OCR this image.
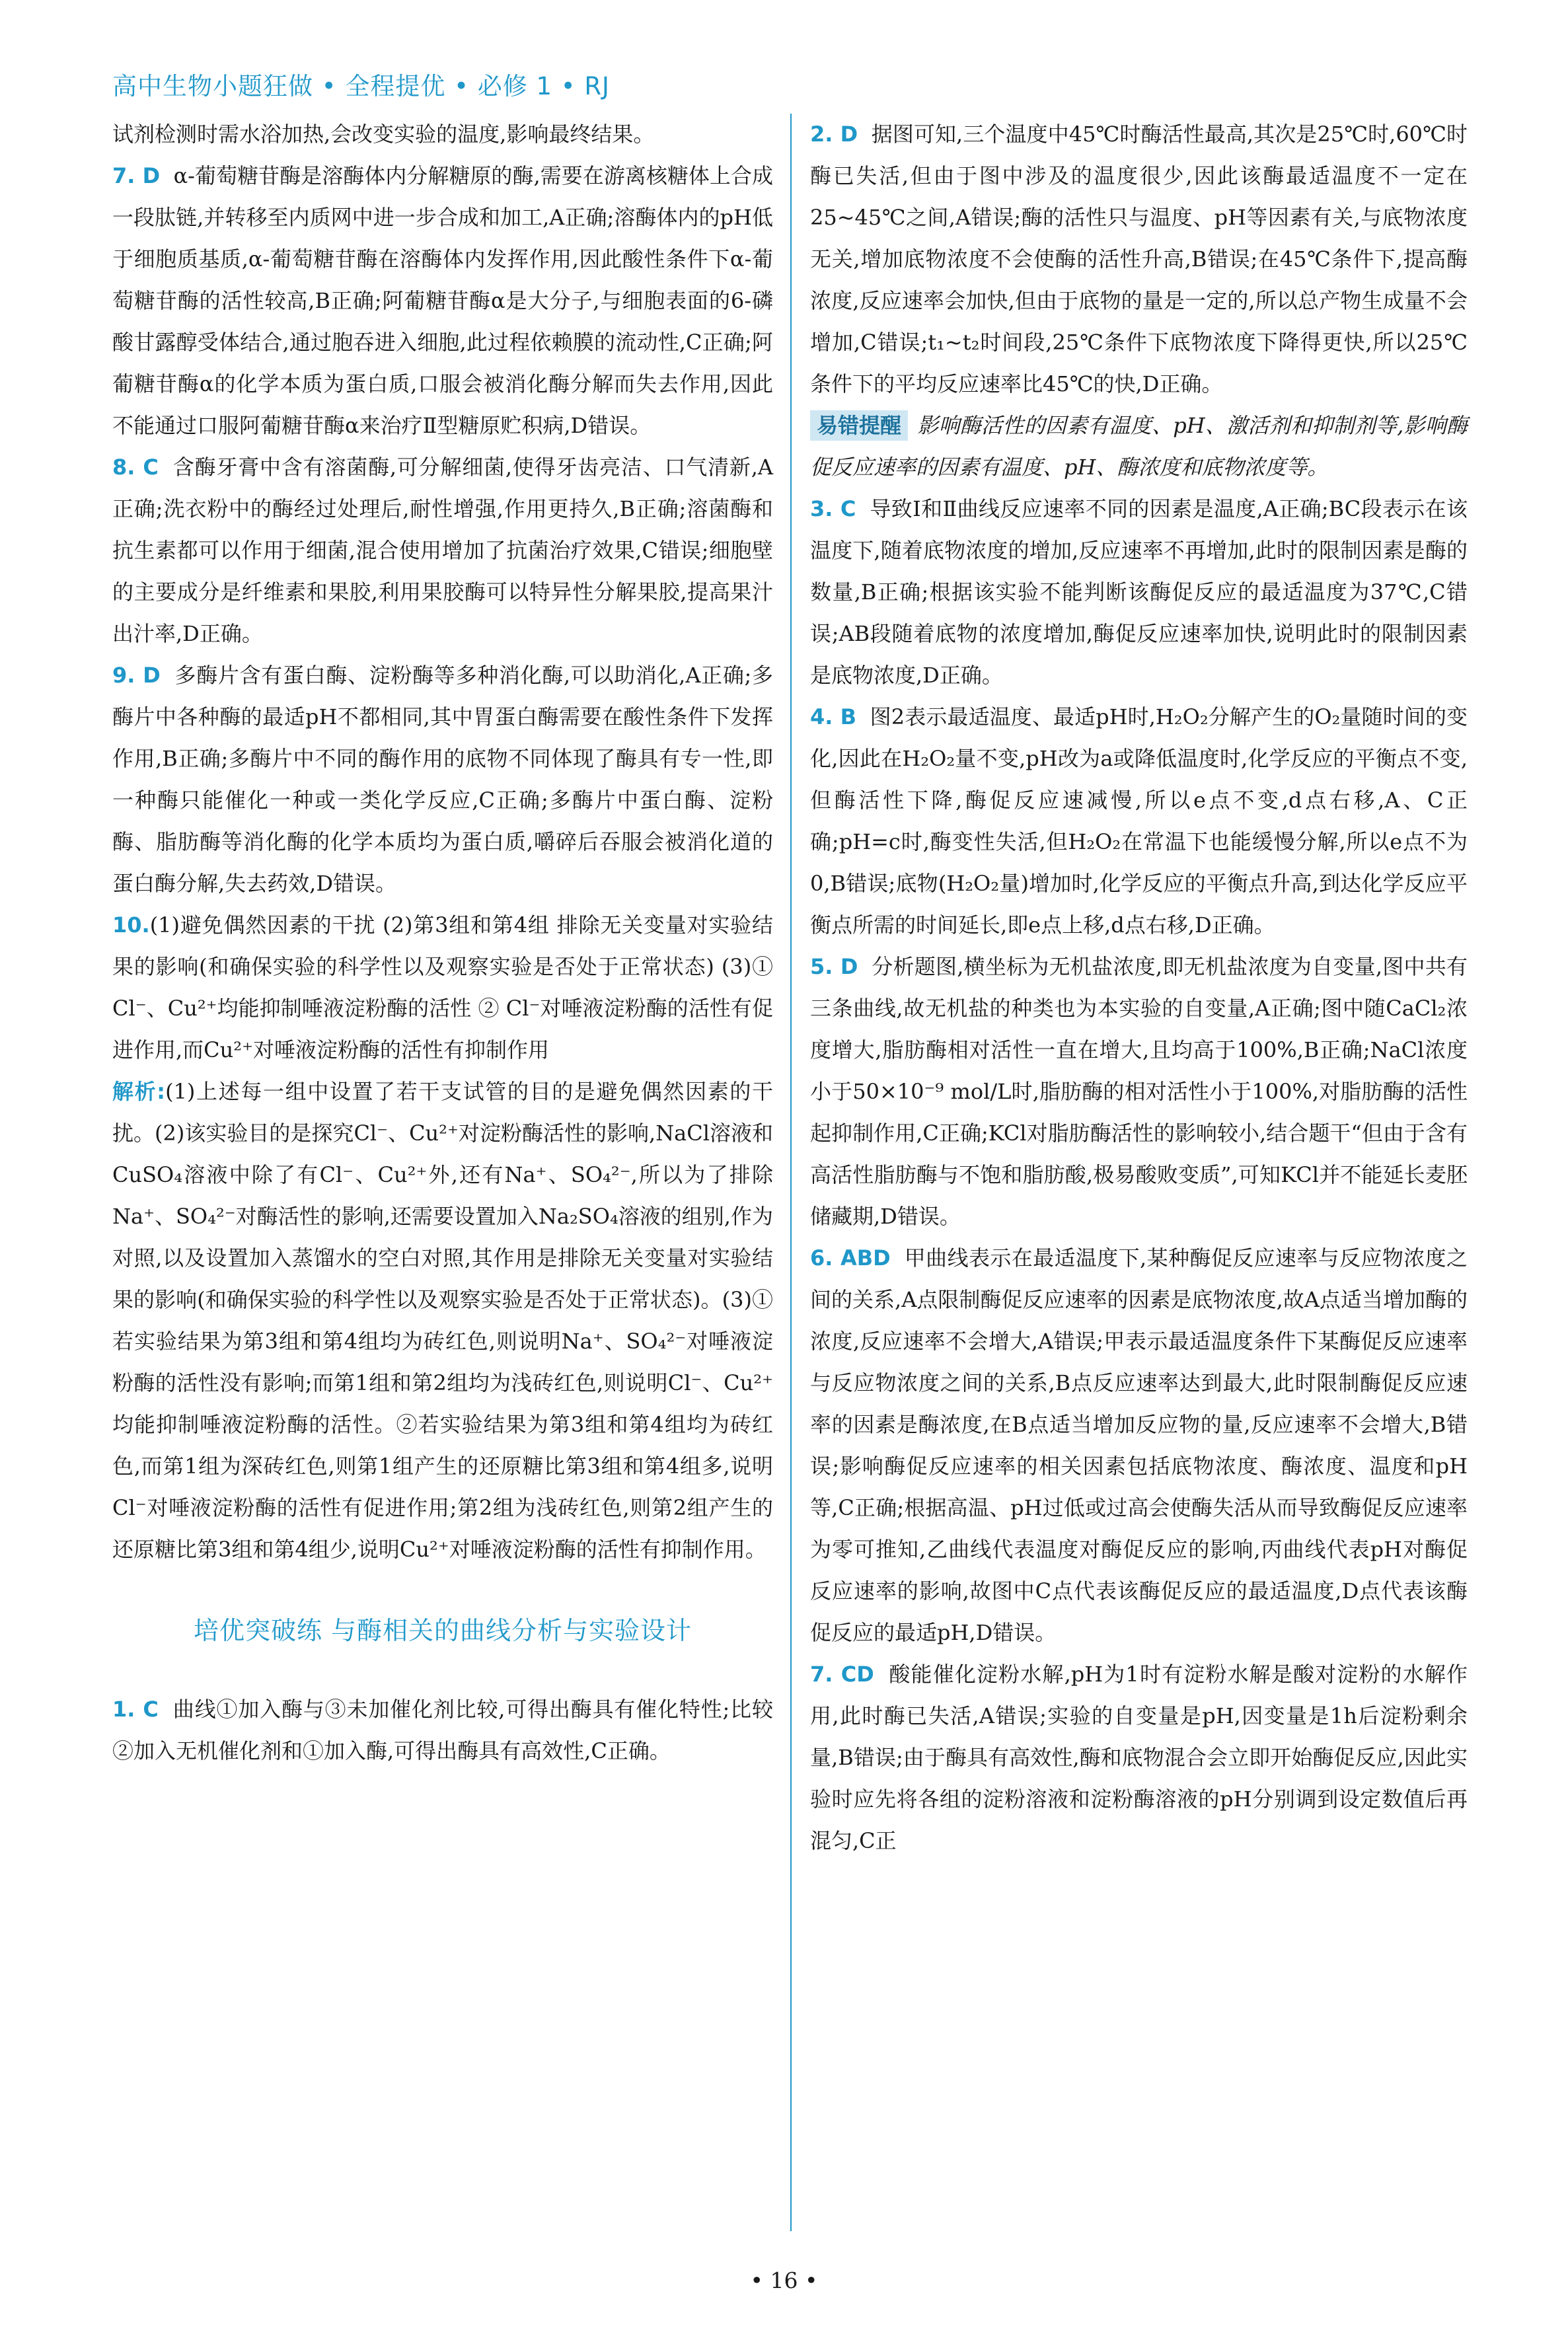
高中生物小题狂做 • 全程提优 • 必修 1 • RJ

试剂检测时需水浴加热,会改变实验的温度,影响最终结果。

7. D α-葡萄糖苷酶是溶酶体内分解糖原的酶,需要在游离核糖体上合成一段肽链,并转移至内质网中进一步合成和加工,A正确;溶酶体内的pH低于细胞质基质,α-葡萄糖苷酶在溶酶体内发挥作用,因此酸性条件下α-葡萄糖苷酶的活性较高,B正确;阿葡糖苷酶α是大分子,与细胞表面的6-磷酸甘露醇受体结合,通过胞吞进入细胞,此过程依赖膜的流动性,C正确;阿葡糖苷酶α的化学本质为蛋白质,口服会被消化酶分解而失去作用,因此不能通过口服阿葡糖苷酶α来治疗Ⅱ型糖原贮积病,D错误。

8. C 含酶牙膏中含有溶菌酶,可分解细菌,使得牙齿亮洁、口气清新,A正确;洗衣粉中的酶经过处理后,耐性增强,作用更持久,B正确;溶菌酶和抗生素都可以作用于细菌,混合使用增加了抗菌治疗效果,C错误;细胞壁的主要成分是纤维素和果胶,利用果胶酶可以特异性分解果胶,提高果汁出汁率,D正确。

9. D 多酶片含有蛋白酶、淀粉酶等多种消化酶,可以助消化,A正确;多酶片中各种酶的最适pH不都相同,其中胃蛋白酶需要在酸性条件下发挥作用,B正确;多酶片中不同的酶作用的底物不同体现了酶具有专一性,即一种酶只能催化一种或一类化学反应,C正确;多酶片中蛋白酶、淀粉酶、脂肪酶等消化酶的化学本质均为蛋白质,嚼碎后吞服会被消化道的蛋白酶分解,失去药效,D错误。

10.(1)避免偶然因素的干扰 (2)第3组和第4组 排除无关变量对实验结果的影响(和确保实验的科学性以及观察实验是否处于正常状态) (3)① Cl⁻、Cu²⁺均能抑制唾液淀粉酶的活性 ② Cl⁻对唾液淀粉酶的活性有促进作用,而Cu²⁺对唾液淀粉酶的活性有抑制作用

解析:(1)上述每一组中设置了若干支试管的目的是避免偶然因素的干扰。(2)该实验目的是探究Cl⁻、Cu²⁺对淀粉酶活性的影响,NaCl溶液和CuSO₄溶液中除了有Cl⁻、Cu²⁺外,还有Na⁺、SO₄²⁻,所以为了排除Na⁺、SO₄²⁻对酶活性的影响,还需要设置加入Na₂SO₄溶液的组别,作为对照,以及设置加入蒸馏水的空白对照,其作用是排除无关变量对实验结果的影响(和确保实验的科学性以及观察实验是否处于正常状态)。(3)①若实验结果为第3组和第4组均为砖红色,则说明Na⁺、SO₄²⁻对唾液淀粉酶的活性没有影响;而第1组和第2组均为浅砖红色,则说明Cl⁻、Cu²⁺均能抑制唾液淀粉酶的活性。②若实验结果为第3组和第4组均为砖红色,而第1组为深砖红色,则第1组产生的还原糖比第3组和第4组多,说明Cl⁻对唾液淀粉酶的活性有促进作用;第2组为浅砖红色,则第2组产生的还原糖比第3组和第4组少,说明Cu²⁺对唾液淀粉酶的活性有抑制作用。

培优突破练 与酶相关的曲线分析与实验设计

1. C 曲线①加入酶与③未加催化剂比较,可得出酶具有催化特性;比较②加入无机催化剂和①加入酶,可得出酶具有高效性,C正确。

2. D 据图可知,三个温度中45℃时酶活性最高,其次是25℃时,60℃时酶已失活,但由于图中涉及的温度很少,因此该酶最适温度不一定在25~45℃之间,A错误;酶的活性只与温度、pH等因素有关,与底物浓度无关,增加底物浓度不会使酶的活性升高,B错误;在45℃条件下,提高酶浓度,反应速率会加快,但由于底物的量是一定的,所以总产物生成量不会增加,C错误;t₁~t₂时间段,25℃条件下底物浓度下降得更快,所以25℃条件下的平均反应速率比45℃的快,D正确。

易错提醒 影响酶活性的因素有温度、pH、激活剂和抑制剂等,影响酶促反应速率的因素有温度、pH、酶浓度和底物浓度等。

3. C 导致Ⅰ和Ⅱ曲线反应速率不同的因素是温度,A正确;BC段表示在该温度下,随着底物浓度的增加,反应速率不再增加,此时的限制因素是酶的数量,B正确;根据该实验不能判断该酶促反应的最适温度为37℃,C错误;AB段随着底物的浓度增加,酶促反应速率加快,说明此时的限制因素是底物浓度,D正确。

4. B 图2表示最适温度、最适pH时,H₂O₂分解产生的O₂量随时间的变化,因此在H₂O₂量不变,pH改为a或降低温度时,化学反应的平衡点不变,但酶活性下降,酶促反应速减慢,所以e点不变,d点右移,A、C正确;pH=c时,酶变性失活,但H₂O₂在常温下也能缓慢分解,所以e点不为0,B错误;底物(H₂O₂量)增加时,化学反应的平衡点升高,到达化学反应平衡点所需的时间延长,即e点上移,d点右移,D正确。

5. D 分析题图,横坐标为无机盐浓度,即无机盐浓度为自变量,图中共有三条曲线,故无机盐的种类也为本实验的自变量,A正确;图中随CaCl₂浓度增大,脂肪酶相对活性一直在增大,且均高于100%,B正确;NaCl浓度小于50×10⁻⁹ mol/L时,脂肪酶的相对活性小于100%,对脂肪酶的活性起抑制作用,C正确;KCl对脂肪酶活性的影响较小,结合题干“但由于含有高活性脂肪酶与不饱和脂肪酸,极易酸败变质”,可知KCl并不能延长麦胚储藏期,D错误。

6. ABD 甲曲线表示在最适温度下,某种酶促反应速率与反应物浓度之间的关系,A点限制酶促反应速率的因素是底物浓度,故A点适当增加酶的浓度,反应速率不会增大,A错误;甲表示最适温度条件下某酶促反应速率与反应物浓度之间的关系,B点反应速率达到最大,此时限制酶促反应速率的因素是酶浓度,在B点适当增加反应物的量,反应速率不会增大,B错误;影响酶促反应速率的相关因素包括底物浓度、酶浓度、温度和pH等,C正确;根据高温、pH过低或过高会使酶失活从而导致酶促反应速率为零可推知,乙曲线代表温度对酶促反应的影响,丙曲线代表pH对酶促反应速率的影响,故图中C点代表该酶促反应的最适温度,D点代表该酶促反应的最适pH,D错误。

7. CD 酸能催化淀粉水解,pH为1时有淀粉水解是酸对淀粉的水解作用,此时酶已失活,A错误;实验的自变量是pH,因变量是1h后淀粉剩余量,B错误;由于酶具有高效性,酶和底物混合会立即开始酶促反应,因此实验时应先将各组的淀粉溶液和淀粉酶溶液的pH分别调到设定数值后再混匀,C正

• 16 •
